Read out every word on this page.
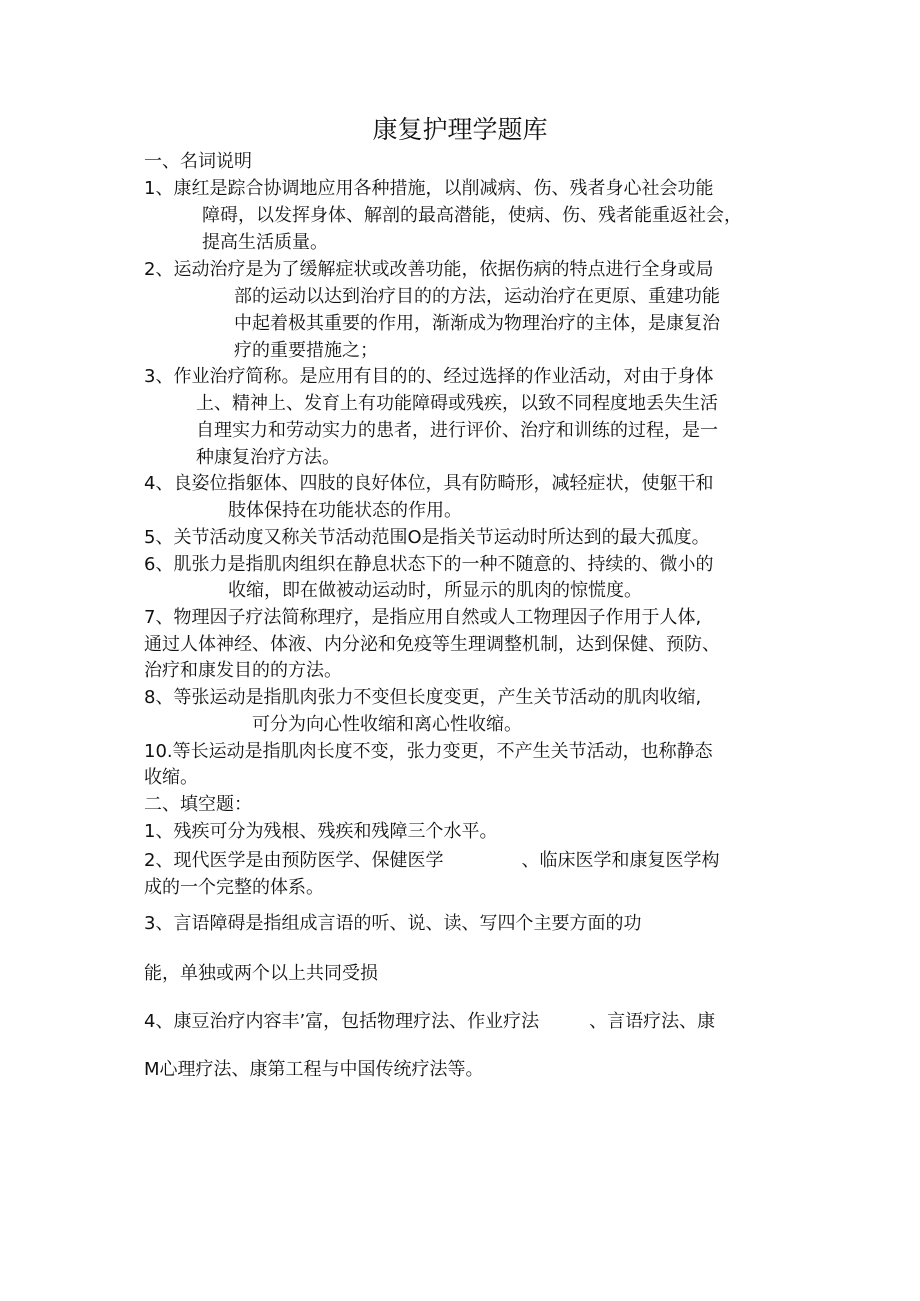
康复护理学题库
一、名词说明
1、康红是踪合协调地应用各种措施，以削减病、伤、残者身心社会功能
障碍，以发挥身体、解剖的最高潜能，使病、伤、残者能重返社会，
提高生活质量。
2、运动治疗是为了缓解症状或改善功能，依据伤病的特点进行全身或局
部的运动以达到治疗目的的方法，运动治疗在更原、重建功能
中起着极其重要的作用，渐渐成为物理治疗的主体，是康复治
疗的重要措施之；
3、作业治疗简称。是应用有目的的、经过选择的作业活动，对由于身体
上、精神上、发育上有功能障碍或残疾，以致不同程度地丢失生活
自理实力和劳动实力的患者，进行评价、治疗和训练的过程，是一
种康复治疗方法。
4、良姿位指躯体、四肢的良好体位，具有防畸形，减轻症状，使躯干和
肢体保持在功能状态的作用。
5、关节活动度又称关节活动范围O是指关节运动时所达到的最大孤度。
6、肌张力是指肌肉组织在静息状态下的一种不随意的、持续的、微小的
收缩，即在做被动运动时，所显示的肌肉的惊慌度。
7、物理因子疗法简称理疗，是指应用自然或人工物理因子作用于人体,
通过人体神经、体液、内分泌和免疫等生理调整机制，达到保健、预防、
治疗和康发目的的方法。
8、等张运动是指肌肉张力不变但长度变更，产生关节活动的肌肉收缩,
可分为向心性收缩和离心性收缩。
10.等长运动是指肌肉长度不变，张力变更，不产生关节活动，也称静态
收缩。
二、填空题：
1、残疾可分为残根、残疾和残障三个水平。
2、现代医学是由预防医学、保健医学	、临床医学和康复医学构
成的一个完整的体系。
3、言语障碍是指组成言语的听、说、读、写四个主要方面的功
能，单独或两个以上共同受损
4、康豆治疗内容丰’富，包括物理疗法、作业疗法	、言语疗法、康
M心理疗法、康第工程与中国传统疗法等。
